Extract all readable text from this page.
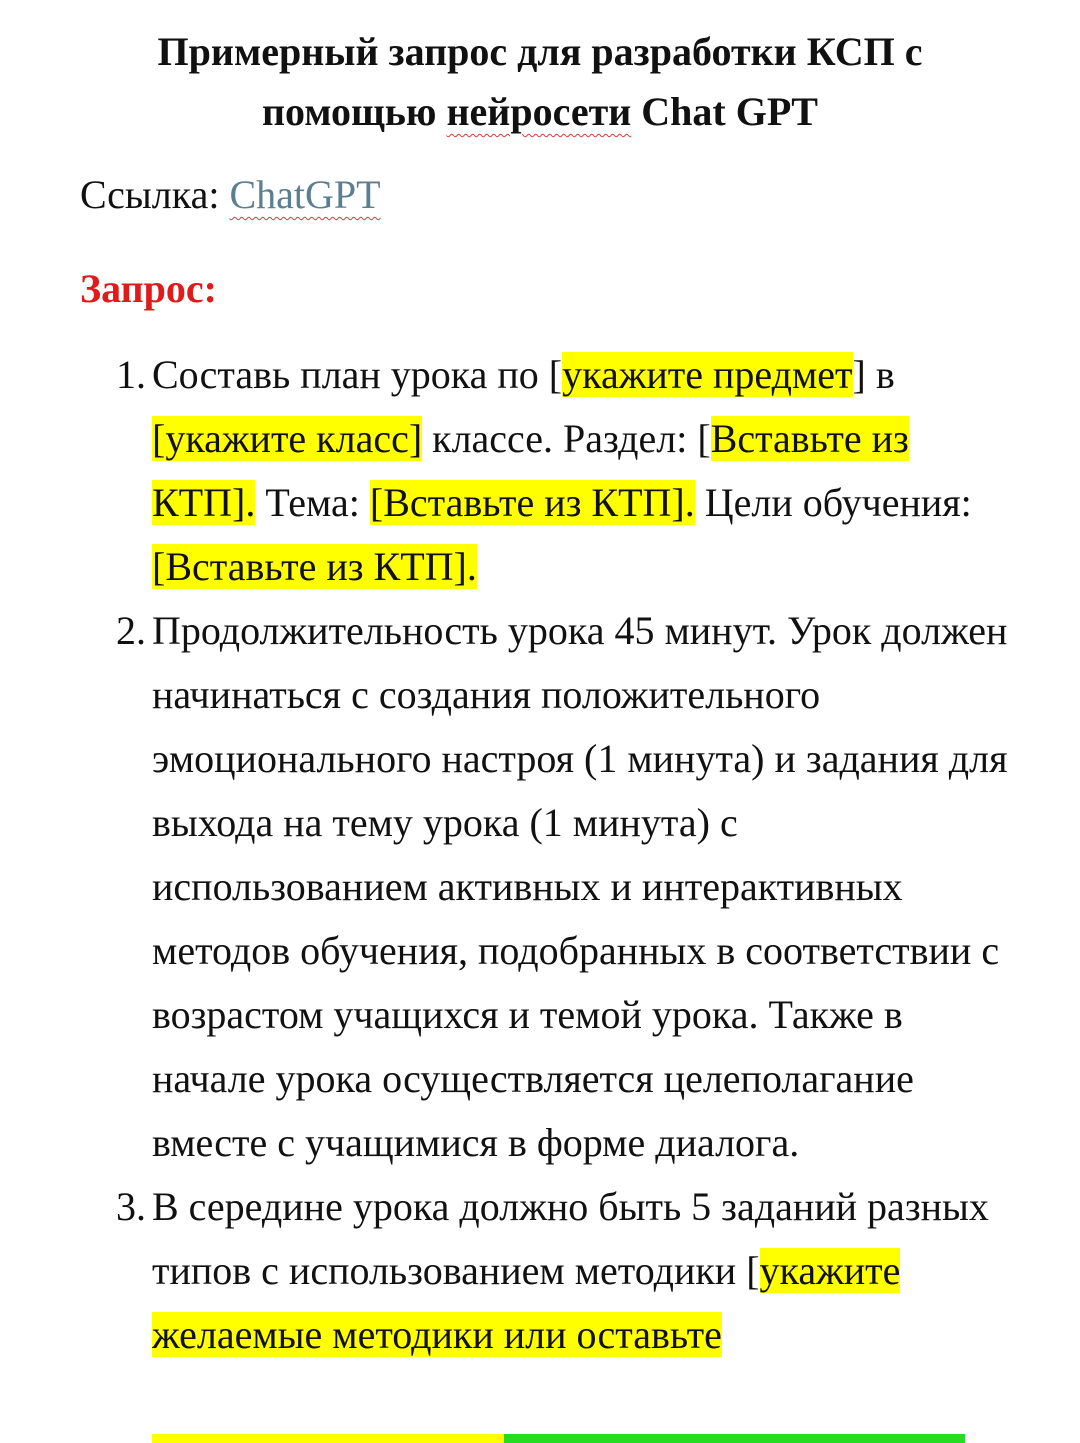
Примерный запрос для разработки КСП с
помощью нейросети Chat GPT
Ссылка: ChatGPT
Запрос:
1. Составь план урока по [укажите предмет] в [укажите класс] классе. Раздел: [Вставьте из КТП]. Тема: [Вставьте из КТП]. Цели обучения: [Вставьте из КТП].
2. Продолжительность урока 45 минут. Урок должен начинаться с создания положительного эмоционального настроя (1 минута) и задания для выхода на тему урока (1 минута) с использованием активных и интерактивных методов обучения, подобранных в соответствии с возрастом учащихся и темой урока. Также в начале урока осуществляется целеполагание вместе с учащимися в форме диалога.
3. В середине урока должно быть 5 заданий разных типов с использованием методики [укажите желаемые методики или оставьте
